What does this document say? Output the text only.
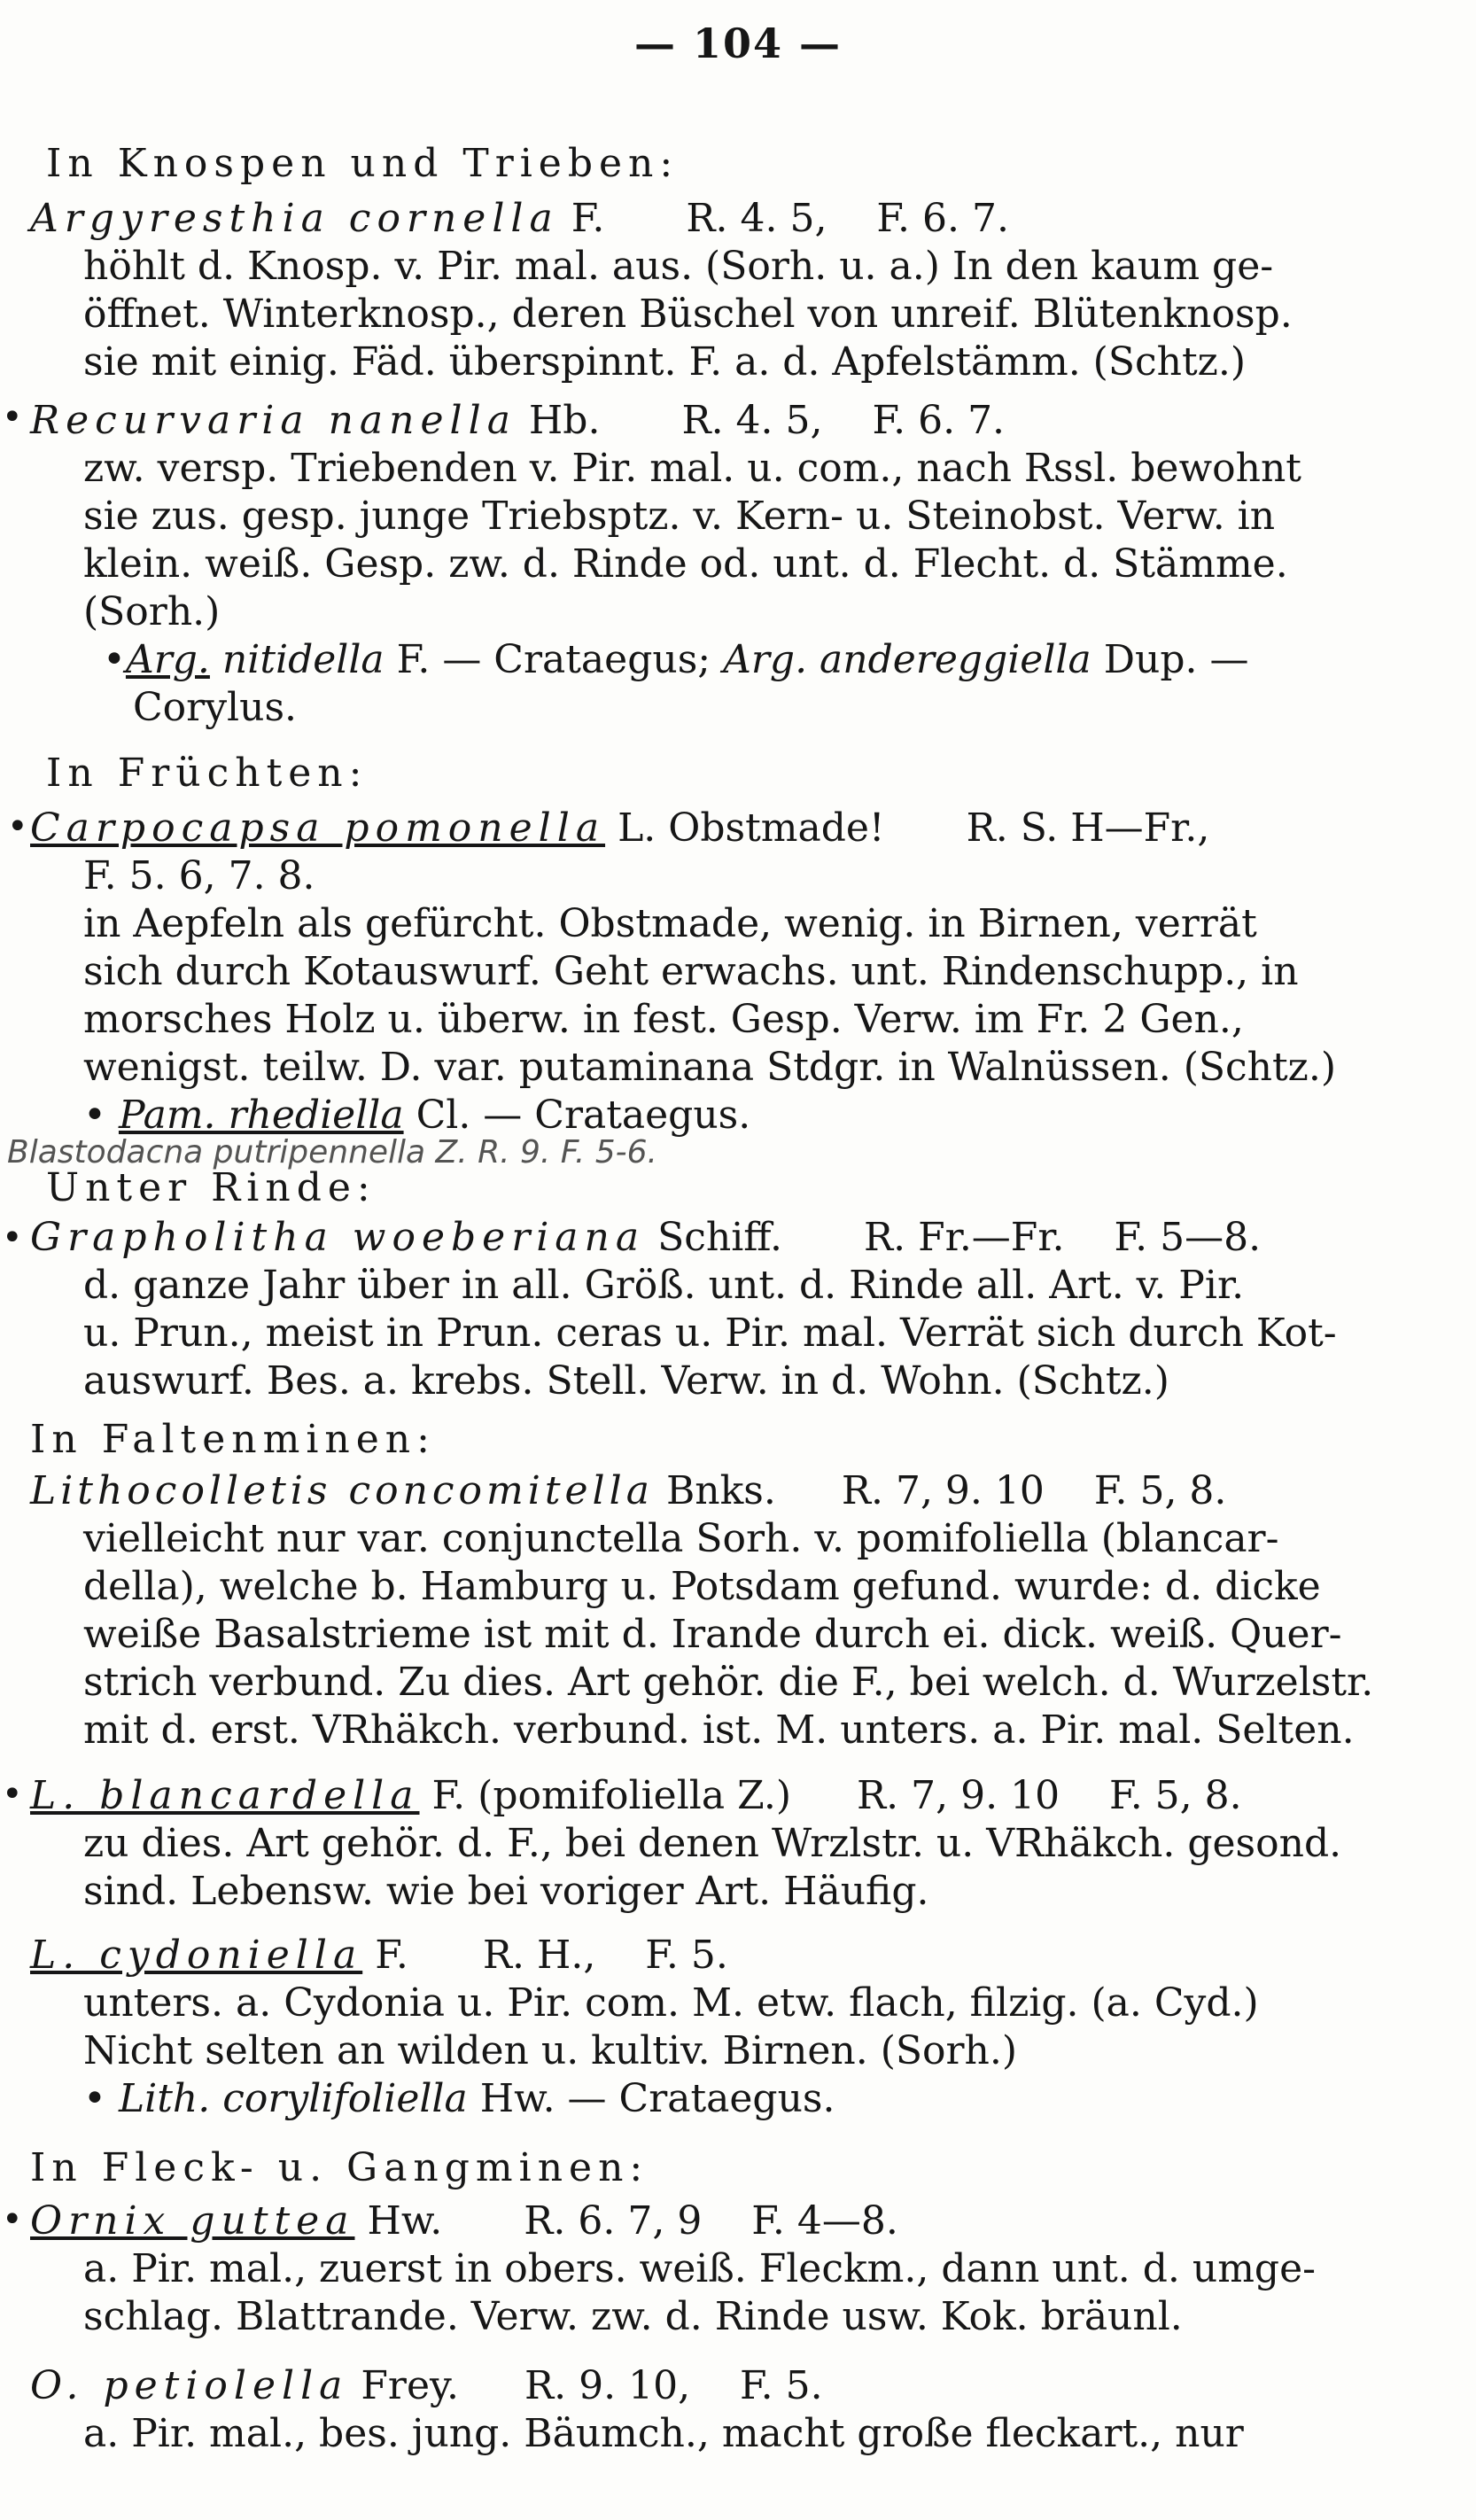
— 104 —
In Knospen und Trieben:
Argyresthia cornella F. R. 4. 5,    F. 6. 7.
höhlt d. Knosp. v. Pir. mal. aus. (Sorh. u. a.) In den kaum ge-
öffnet. Winterknosp., deren Büschel von unreif. Blütenknosp.
sie mit einig. Fäd. überspinnt. F. a. d. Apfelstämm. (Schtz.)
• Recurvaria nanella Hb. R. 4. 5,    F. 6. 7.
zw. versp. Triebenden v. Pir. mal. u. com., nach Rssl. bewohnt
sie zus. gesp. junge Triebsptz. v. Kern- u. Steinobst. Verw. in
klein. weiß. Gesp. zw. d. Rinde od. unt. d. Flecht. d. Stämme.
(Sorh.)
•Arg. nitidella F. — Crataegus; Arg. andereggiella Dup. —
Corylus.
In Früchten:
• Carpocapsa pomonella L. Obstmade! R. S. H—Fr.,
F. 5. 6, 7. 8.
in Aepfeln als gefürcht. Obstmade, wenig. in Birnen, verrät
sich durch Kotauswurf. Geht erwachs. unt. Rindenschupp., in
morsches Holz u. überw. in fest. Gesp. Verw. im Fr. 2 Gen.,
wenigst. teilw. D. var. putaminana Stdgr. in Walnüssen. (Schtz.)
• Pam. rhediella Cl. — Crataegus.
Blastodacna putripennella Z. R. 9. F. 5-6.
Unter Rinde:
• Grapholitha woeberiana Schiff. R. Fr.—Fr.    F. 5—8.
d. ganze Jahr über in all. Größ. unt. d. Rinde all. Art. v. Pir.
u. Prun., meist in Prun. ceras u. Pir. mal. Verrät sich durch Kot-
auswurf. Bes. a. krebs. Stell. Verw. in d. Wohn. (Schtz.)
In Faltenminen:
Lithocolletis concomitella Bnks. R. 7, 9. 10    F. 5, 8.
vielleicht nur var. conjunctella Sorh. v. pomifoliella (blancar-
della), welche b. Hamburg u. Potsdam gefund. wurde: d. dicke
weiße Basalstrieme ist mit d. Irande durch ei. dick. weiß. Quer-
strich verbund. Zu dies. Art gehör. die F., bei welch. d. Wurzelstr.
mit d. erst. VRhäkch. verbund. ist. M. unters. a. Pir. mal. Selten.
• L. blancardella F. (pomifoliella Z.) R. 7, 9. 10    F. 5, 8.
zu dies. Art gehör. d. F., bei denen Wrzlstr. u. VRhäkch. gesond.
sind. Lebensw. wie bei voriger Art. Häufig.
L. cydoniella F. R. H.,    F. 5.
unters. a. Cydonia u. Pir. com. M. etw. flach, filzig. (a. Cyd.)
Nicht selten an wilden u. kultiv. Birnen. (Sorh.)
• Lith. corylifoliella Hw. — Crataegus.
In Fleck- u. Gangminen:
• Ornix guttea Hw. R. 6. 7, 9    F. 4—8.
a. Pir. mal., zuerst in obers. weiß. Fleckm., dann unt. d. umge-
schlag. Blattrande. Verw. zw. d. Rinde usw. Kok. bräunl.
O. petiolella Frey. R. 9. 10,    F. 5.
a. Pir. mal., bes. jung. Bäumch., macht große fleckart., nur
